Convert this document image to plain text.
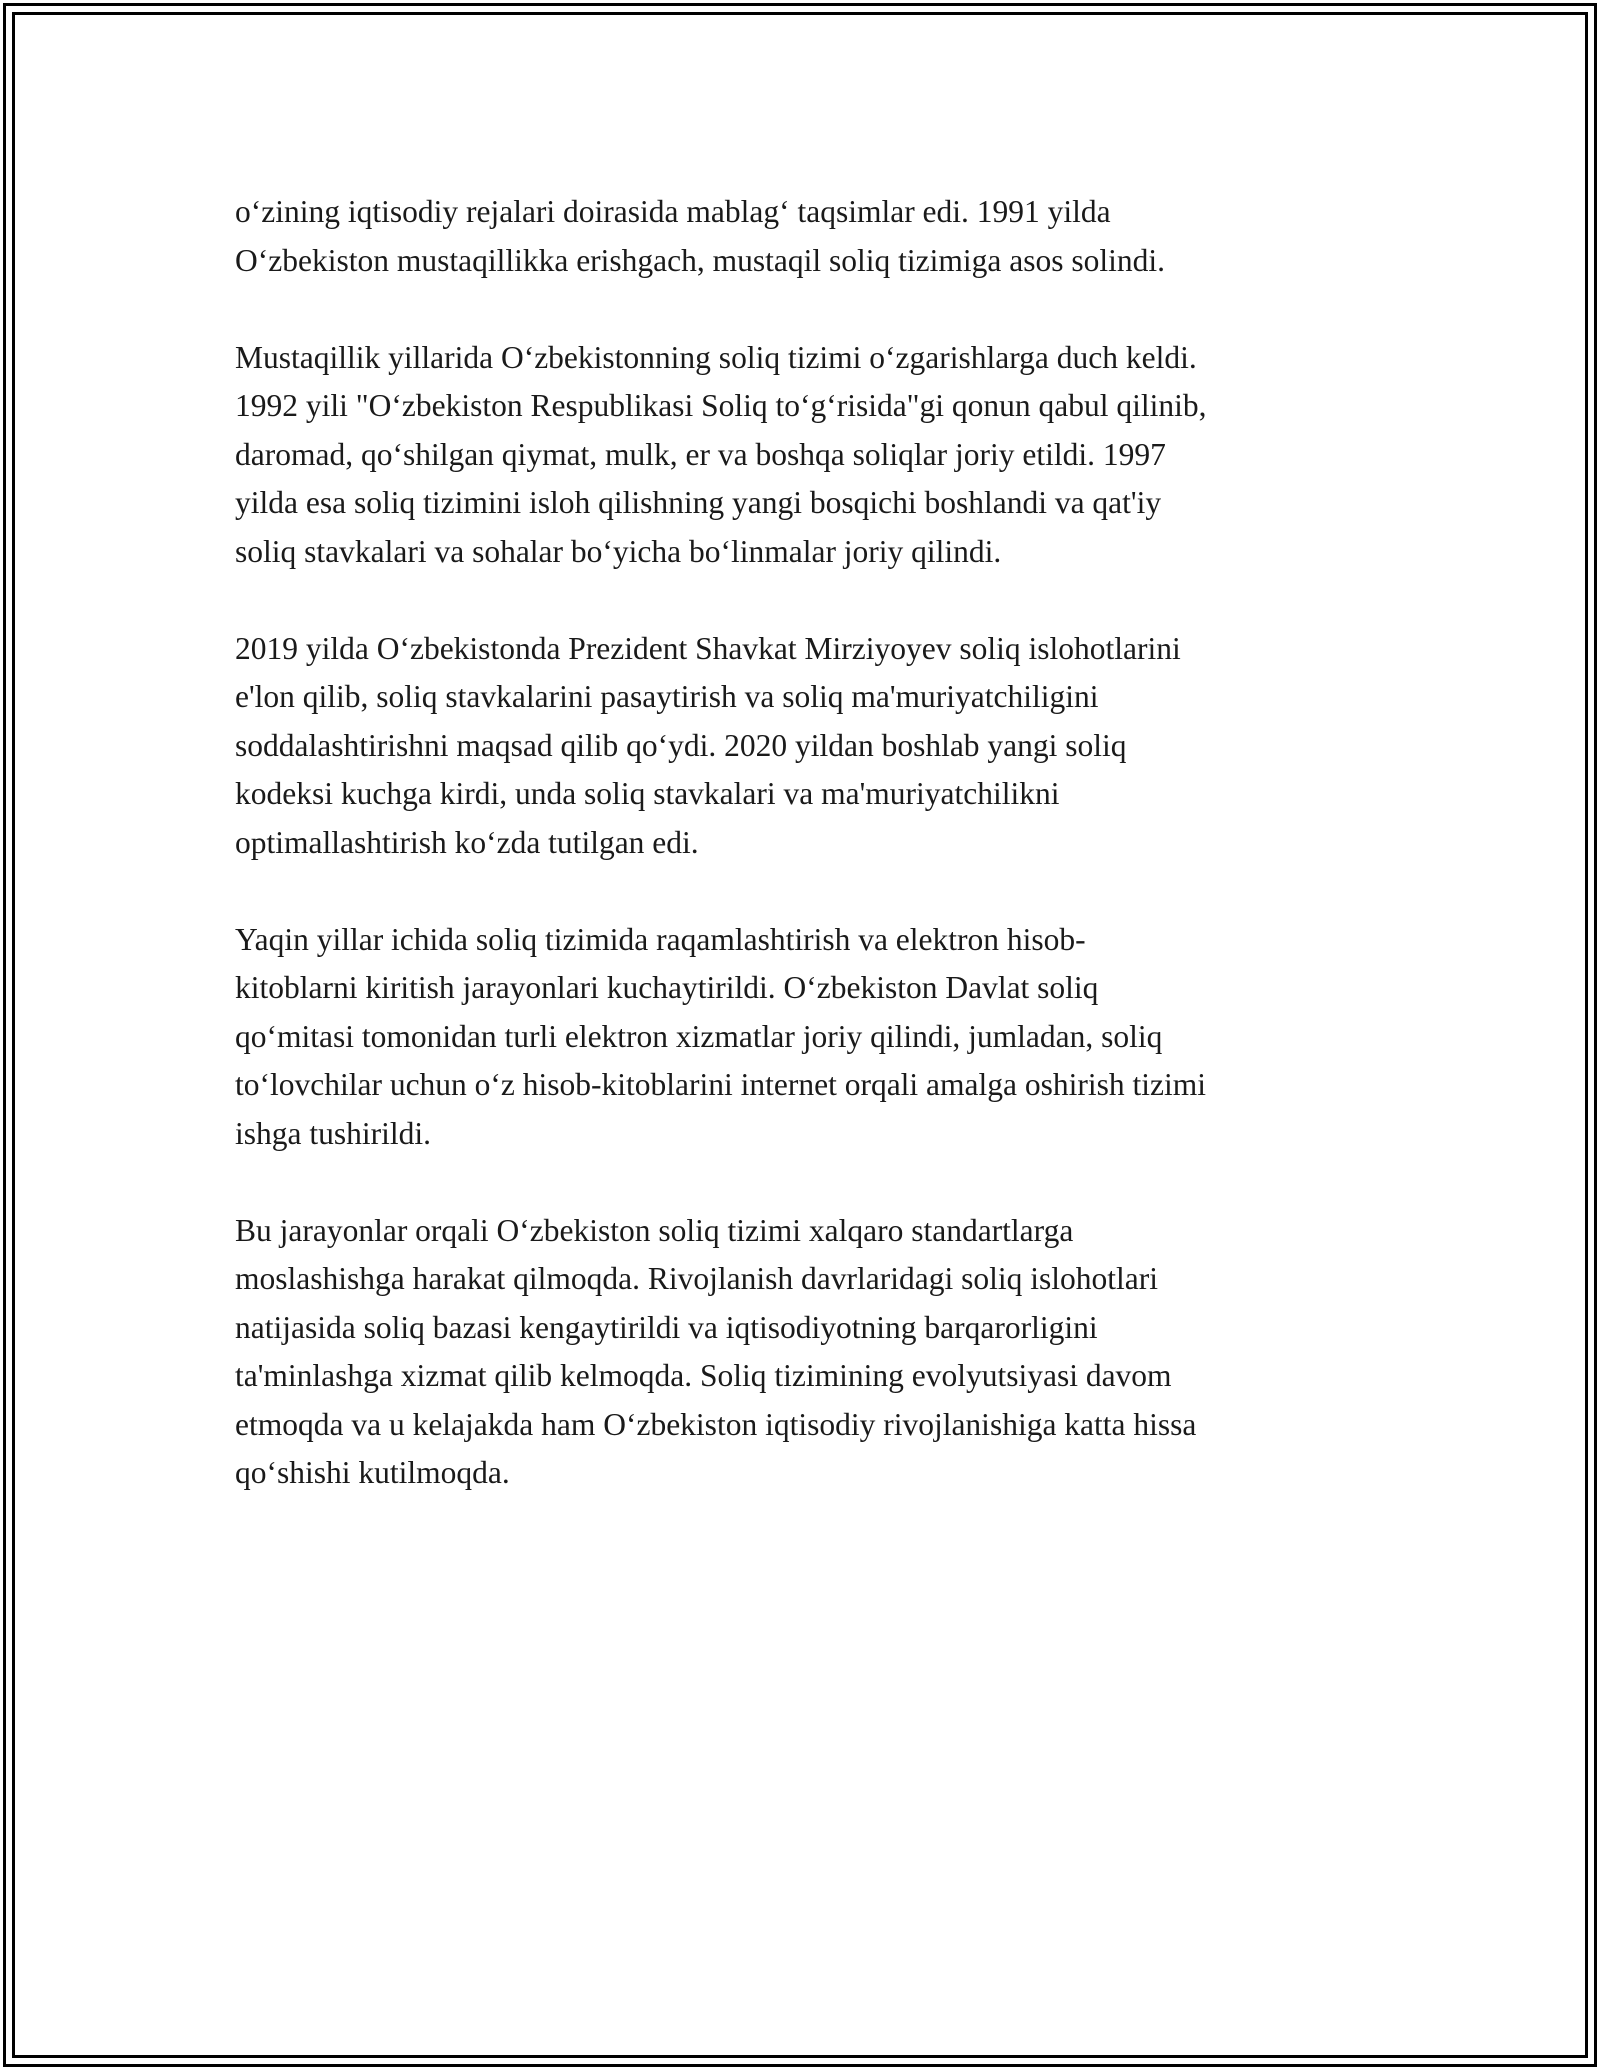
o‘zining iqtisodiy rejalari doirasida mablag‘ taqsimlar edi. 1991 yilda
O‘zbekiston mustaqillikka erishgach, mustaqil soliq tizimiga asos solindi.
Mustaqillik yillarida O‘zbekistonning soliq tizimi o‘zgarishlarga duch keldi.
1992 yili "O‘zbekiston Respublikasi Soliq to‘g‘risida"gi qonun qabul qilinib,
daromad, qo‘shilgan qiymat, mulk, er va boshqa soliqlar joriy etildi. 1997
yilda esa soliq tizimini isloh qilishning yangi bosqichi boshlandi va qat'iy
soliq stavkalari va sohalar bo‘yicha bo‘linmalar joriy qilindi.
2019 yilda O‘zbekistonda Prezident Shavkat Mirziyoyev soliq islohotlarini
e'lon qilib, soliq stavkalarini pasaytirish va soliq ma'muriyatchiligini
soddalashtirishni maqsad qilib qo‘ydi. 2020 yildan boshlab yangi soliq
kodeksi kuchga kirdi, unda soliq stavkalari va ma'muriyatchilikni
optimallashtirish ko‘zda tutilgan edi.
Yaqin yillar ichida soliq tizimida raqamlashtirish va elektron hisob-
kitoblarni kiritish jarayonlari kuchaytirildi. O‘zbekiston Davlat soliq
qo‘mitasi tomonidan turli elektron xizmatlar joriy qilindi, jumladan, soliq
to‘lovchilar uchun o‘z hisob-kitoblarini internet orqali amalga oshirish tizimi
ishga tushirildi.
Bu jarayonlar orqali O‘zbekiston soliq tizimi xalqaro standartlarga
moslashishga harakat qilmoqda. Rivojlanish davrlaridagi soliq islohotlari
natijasida soliq bazasi kengaytirildi va iqtisodiyotning barqarorligini
ta'minlashga xizmat qilib kelmoqda. Soliq tizimining evolyutsiyasi davom
etmoqda va u kelajakda ham O‘zbekiston iqtisodiy rivojlanishiga katta hissa
qo‘shishi kutilmoqda.
